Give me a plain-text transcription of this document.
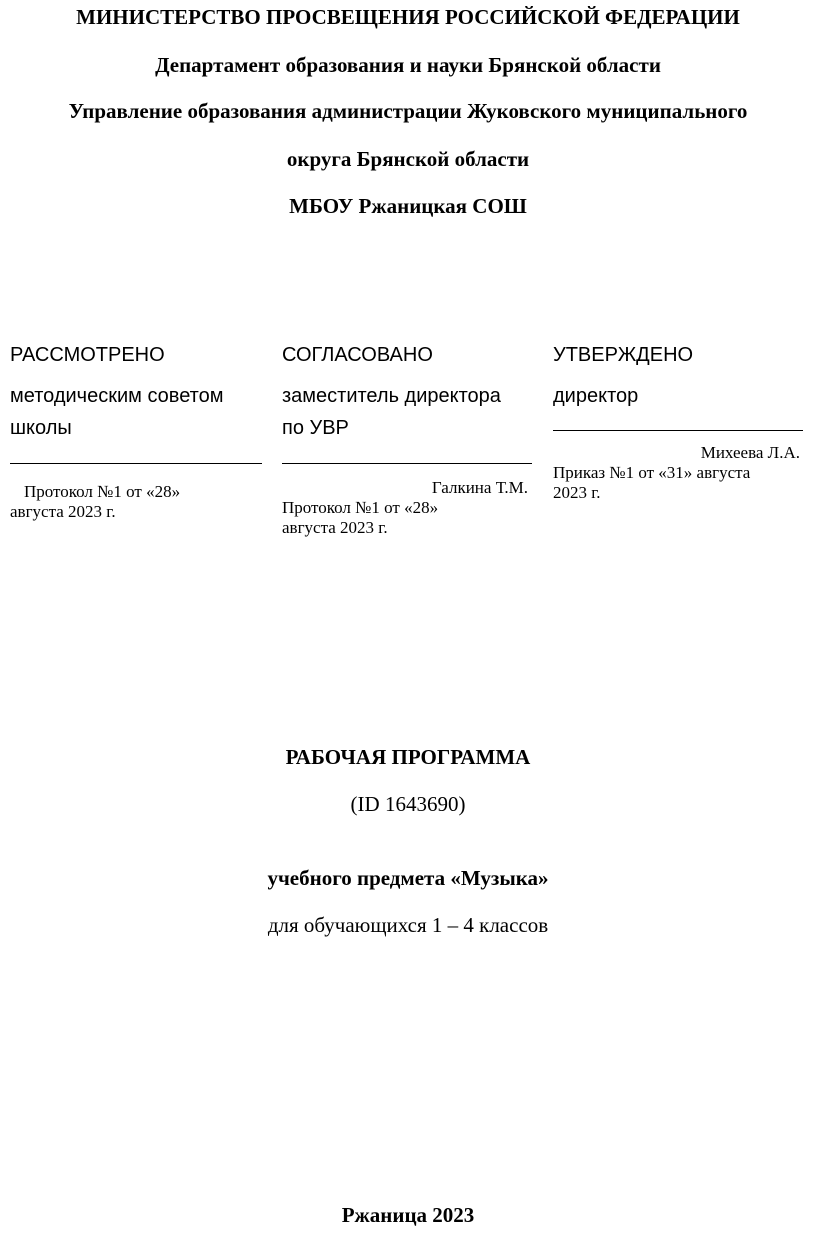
МИНИСТЕРСТВО ПРОСВЕЩЕНИЯ РОССИЙСКОЙ ФЕДЕРАЦИИ
Департамент образования и науки Брянской области
Управление образования администрации Жуковского муниципального
округа Брянской области
МБОУ Ржаницкая СОШ
РАССМОТРЕНО
методическим советом
школы
Протокол №1 от «28»
августа 2023 г.
СОГЛАСОВАНО
заместитель директора
по УВР
Галкина Т.М.
Протокол №1 от «28»
августа 2023 г.
УТВЕРЖДЕНО
директор
Михеева Л.А.
Приказ №1 от «31» августа
2023 г.
РАБОЧАЯ ПРОГРАММА
(ID 1643690)
учебного предмета «Музыка»
для обучающихся 1 – 4 классов
Ржаница 2023
